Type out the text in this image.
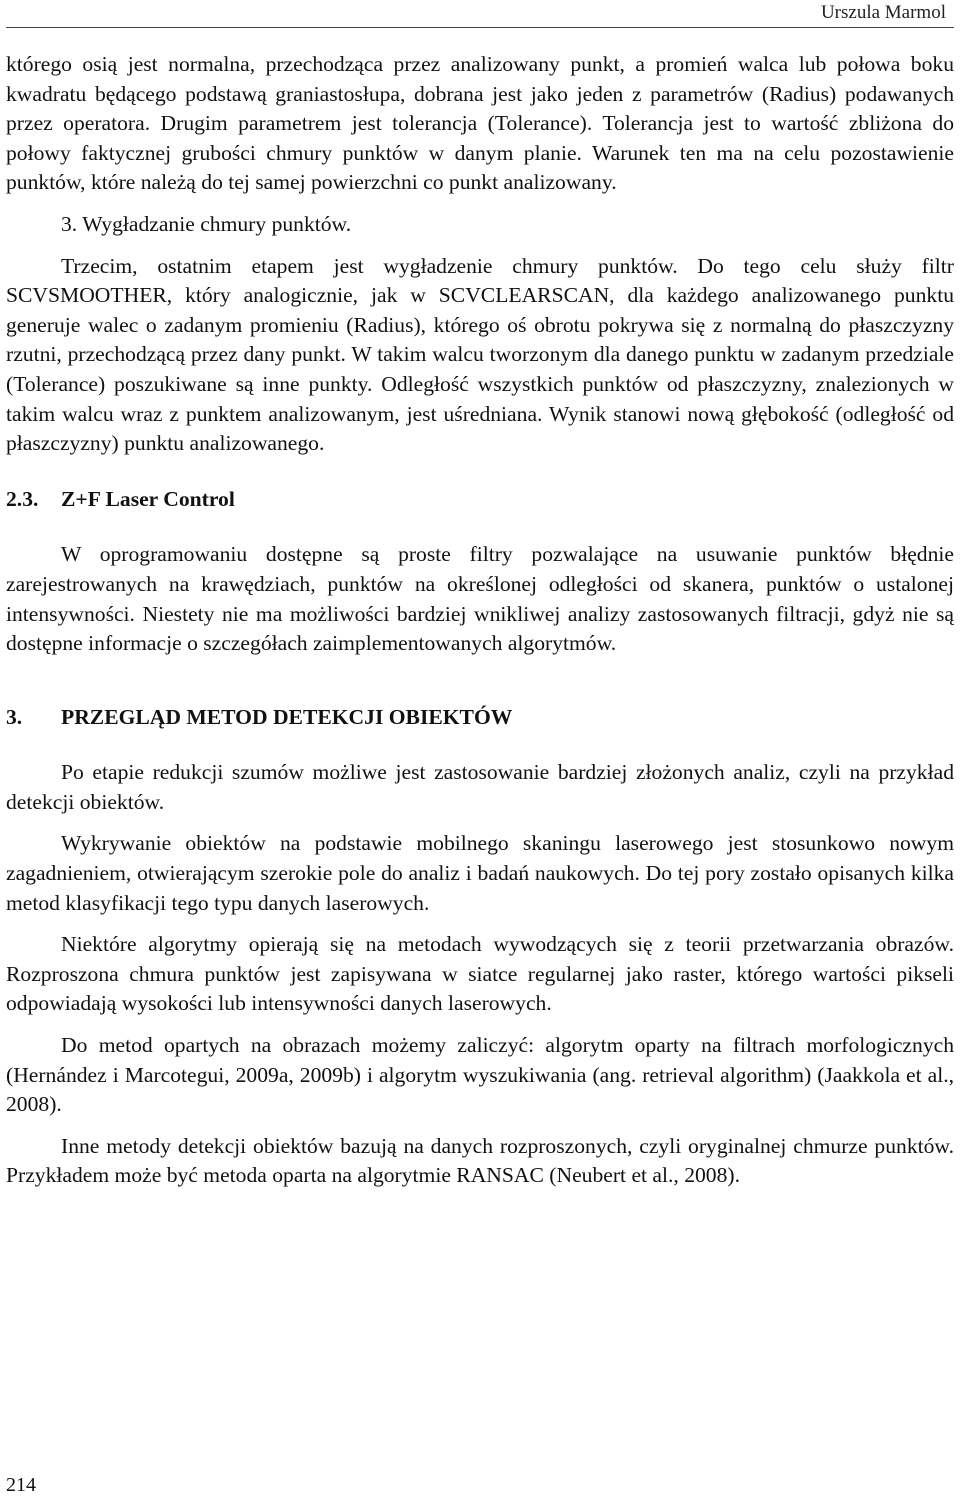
Urszula Marmol

którego osią jest normalna, przechodząca przez analizowany punkt, a promień walca lub połowa boku kwadratu będącego podstawą graniastosłupa, dobrana jest jako jeden z parametrów (Radius) podawanych przez operatora. Drugim parametrem jest tolerancja (Tolerance). Tolerancja jest to wartość zbliżona do połowy faktycznej grubości chmury punktów w danym planie. Warunek ten ma na celu pozostawienie punktów, które należą do tej samej powierzchni co punkt analizowany.

3. Wygładzanie chmury punktów.

Trzecim, ostatnim etapem jest wygładzenie chmury punktów. Do tego celu służy filtr SCVSMOOTHER, który analogicznie, jak w SCVCLEARSCAN, dla każdego analizowanego punktu generuje walec o zadanym promieniu (Radius), którego oś obrotu pokrywa się z normalną do płaszczyzny rzutni, przechodzącą przez dany punkt. W takim walcu tworzonym dla danego punktu w zadanym przedziale (Tolerance) poszukiwane są inne punkty. Odległość wszystkich punktów od płaszczyzny, znalezionych w takim walcu wraz z punktem analizowanym, jest uśredniana. Wynik stanowi nową głębokość (odległość od płaszczyzny) punktu analizowanego.

2.3.	Z+F Laser Control

W oprogramowaniu dostępne są proste filtry pozwalające na usuwanie punktów błędnie zarejestrowanych na krawędziach, punktów na określonej odległości od skanera, punktów o ustalonej intensywności. Niestety nie ma możliwości bardziej wnikliwej analizy zastosowanych filtracji, gdyż nie są dostępne informacje o szczegółach zaimplementowanych algorytmów.

3.	PRZEGLĄD METOD DETEKCJI OBIEKTÓW

Po etapie redukcji szumów możliwe jest zastosowanie bardziej złożonych analiz, czyli na przykład detekcji obiektów.

Wykrywanie obiektów na podstawie mobilnego skaningu laserowego jest stosunkowo nowym zagadnieniem, otwierającym szerokie pole do analiz i badań naukowych. Do tej pory zostało opisanych kilka metod klasyfikacji tego typu danych laserowych.

Niektóre algorytmy opierają się na metodach wywodzących się z teorii przetwarzania obrazów. Rozproszona chmura punktów jest zapisywana w siatce regularnej jako raster, którego wartości pikseli odpowiadają wysokości lub intensywności danych laserowych.

Do metod opartych na obrazach możemy zaliczyć: algorytm oparty na filtrach morfologicznych (Hernández i Marcotegui, 2009a, 2009b) i algorytm wyszukiwania (ang. retrieval algorithm) (Jaakkola et al., 2008).

Inne metody detekcji obiektów bazują na danych rozproszonych, czyli oryginalnej chmurze punktów. Przykładem może być metoda oparta na algorytmie RANSAC (Neubert et al., 2008).

214
